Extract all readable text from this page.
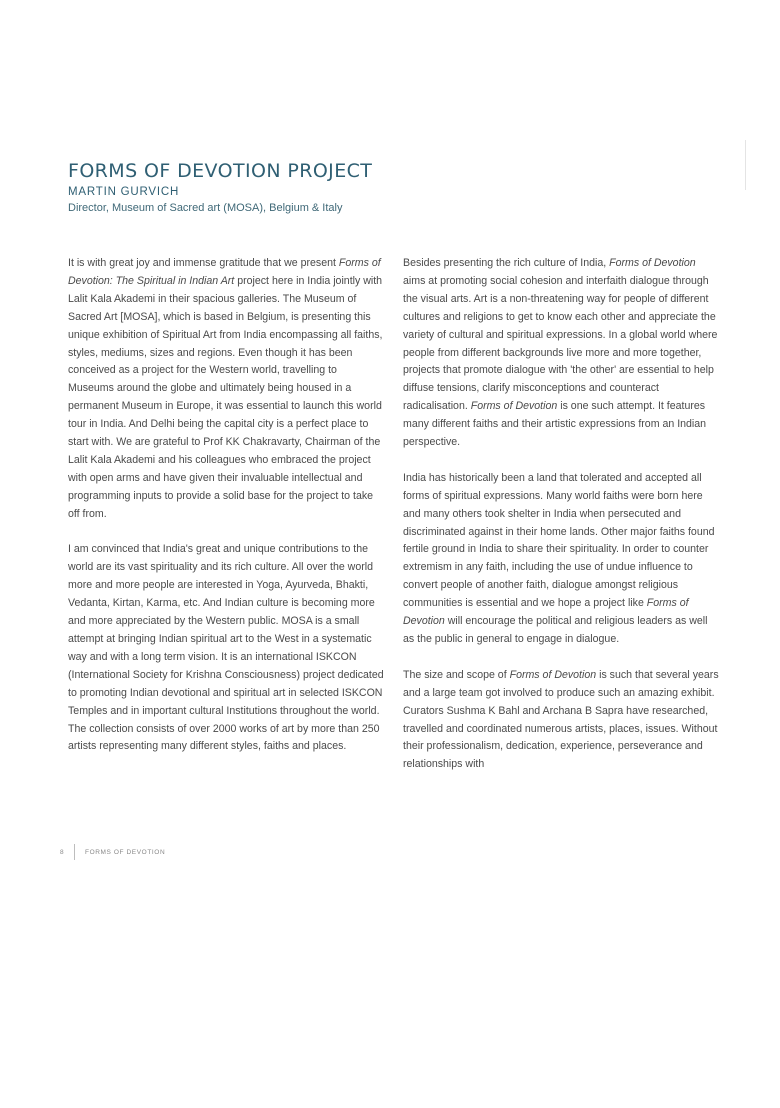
FORMS OF DEVOTION PROJECT
MARTIN GURVICH
Director, Museum of Sacred art (MOSA), Belgium & Italy

It is with great joy and immense gratitude that we present Forms of Devotion: The Spiritual in Indian Art project here in India jointly with Lalit Kala Akademi in their spacious galleries. The Museum of Sacred Art [MOSA], which is based in Belgium, is presenting this unique exhibition of Spiritual Art from India encompassing all faiths, styles, mediums, sizes and regions. Even though it has been conceived as a project for the Western world, travelling to Museums around the globe and ultimately being housed in a permanent Museum in Europe, it was essential to launch this world tour in India. And Delhi being the capital city is a perfect place to start with. We are grateful to Prof KK Chakravarty, Chairman of the Lalit Kala Akademi and his colleagues who embraced the project with open arms and have given their invaluable intellectual and programming inputs to provide a solid base for the project to take off from.

I am convinced that India's great and unique contributions to the world are its vast spirituality and its rich culture. All over the world more and more people are interested in Yoga, Ayurveda, Bhakti, Vedanta, Kirtan, Karma, etc. And Indian culture is becoming more and more appreciated by the Western public. MOSA is a small attempt at bringing Indian spiritual art to the West in a systematic way and with a long term vision. It is an international ISKCON (International Society for Krishna Consciousness) project dedicated to promoting Indian devotional and spiritual art in selected ISKCON Temples and in important cultural Institutions throughout the world. The collection consists of over 2000 works of art by more than 250 artists representing many different styles, faiths and places.

Besides presenting the rich culture of India, Forms of Devotion aims at promoting social cohesion and interfaith dialogue through the visual arts. Art is a non-threatening way for people of different cultures and religions to get to know each other and appreciate the variety of cultural and spiritual expressions. In a global world where people from different backgrounds live more and more together, projects that promote dialogue with 'the other' are essential to help diffuse tensions, clarify misconceptions and counteract radicalisation. Forms of Devotion is one such attempt. It features many different faiths and their artistic expressions from an Indian perspective.

India has historically been a land that tolerated and accepted all forms of spiritual expressions. Many world faiths were born here and many others took shelter in India when persecuted and discriminated against in their home lands. Other major faiths found fertile ground in India to share their spirituality. In order to counter extremism in any faith, including the use of undue influence to convert people of another faith, dialogue amongst religious communities is essential and we hope a project like Forms of Devotion will encourage the political and religious leaders as well as the public in general to engage in dialogue.

The size and scope of Forms of Devotion is such that several years and a large team got involved to produce such an amazing exhibit. Curators Sushma K Bahl and Archana B Sapra have researched, travelled and coordinated numerous artists, places, issues. Without their professionalism, dedication, experience, perseverance and relationships with

8	FORMS OF DEVOTION
